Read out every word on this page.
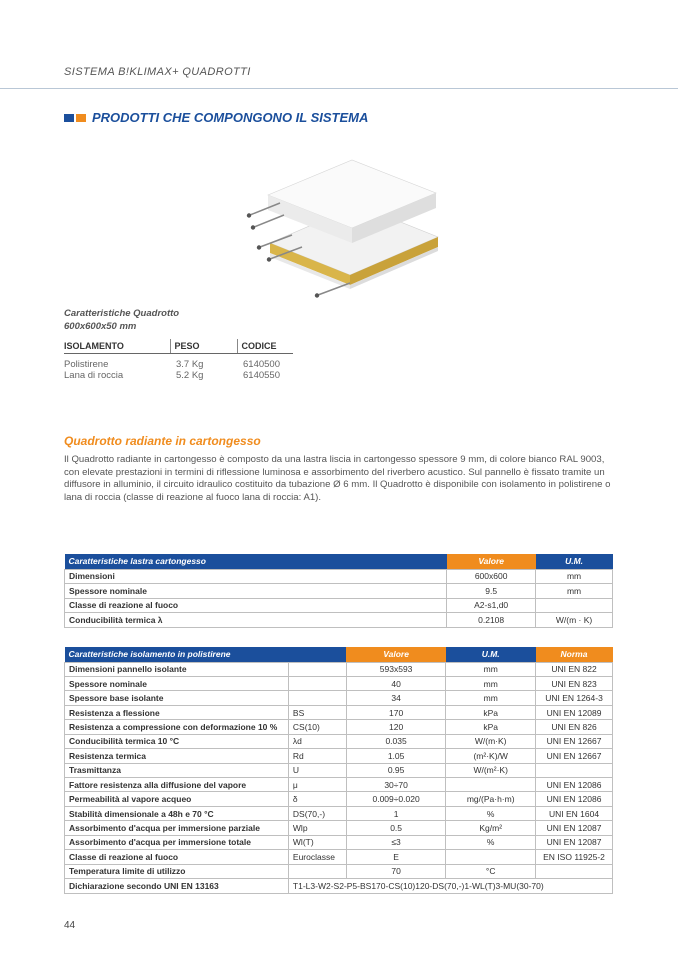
SISTEMA B!KLIMAX+ QUADROTTI
PRODOTTI CHE COMPONGONO IL SISTEMA
Caratteristiche Quadrotto
600x600x50 mm
ISOLAMENTO	PESO	CODICE

Polistirene	3.7 Kg	6140500
Lana di roccia	5.2 Kg	6140550
Quadrotto radiante in cartongesso
Il Quadrotto radiante in cartongesso è composto da una lastra liscia in cartongesso spessore 9 mm, di colore bianco RAL 9003, con elevate prestazioni in termini di riflessione luminosa e assorbimento del riverbero acustico. Sul pannello è fissato tramite un diffusore in alluminio, il circuito idraulico costituito da tubazione Ø 6 mm. Il Quadrotto è disponibile con isolamento in polistirene o lana di roccia (classe di reazione al fuoco lana di roccia: A1).
Caratteristiche lastra cartongesso	Valore	U.M.
Dimensioni	600x600	mm
Spessore nominale	9.5	mm
Classe di reazione al fuoco	A2-s1,d0	
Conducibilità termica λ	0.2108	W/(m · K)
Caratteristiche isolamento in polistirene		Valore	U.M.	Norma
Dimensioni pannello isolante		593x593	mm	UNI EN 822
Spessore nominale		40	mm	UNI EN 823
Spessore base isolante		34	mm	UNI EN 1264-3
Resistenza a flessione	BS	170	kPa	UNI EN 12089
Resistenza a compressione con deformazione 10 %	CS(10)	120	kPa	UNI EN 826
Conducibilità termica 10 °C	λd	0.035	W/(m·K)	UNI EN 12667
Resistenza termica	Rd	1.05	(m²·K)/W	UNI EN 12667
Trasmittanza	U	0.95	W/(m²·K)	
Fattore resistenza alla diffusione del vapore	μ	30÷70		UNI EN 12086
Permeabilità al vapore acqueo	δ	0.009÷0.020	mg/(Pa·h·m)	UNI EN 12086
Stabilità dimensionale a 48h e 70 °C	DS(70,-)	1	%	UNI EN 1604
Assorbimento d'acqua per immersione parziale	Wlp	0.5	Kg/m²	UNI EN 12087
Assorbimento d'acqua per immersione totale	Wl(T)	≤3	%	UNI EN 12087
Classe di reazione al fuoco	Euroclasse	E		EN ISO 11925-2
Temperatura limite di utilizzo		70	°C	
Dichiarazione secondo UNI EN 13163	T1-L3-W2-S2-P5-BS170-CS(10)120-DS(70,-)1-WL(T)3-MU(30-70)			
44
